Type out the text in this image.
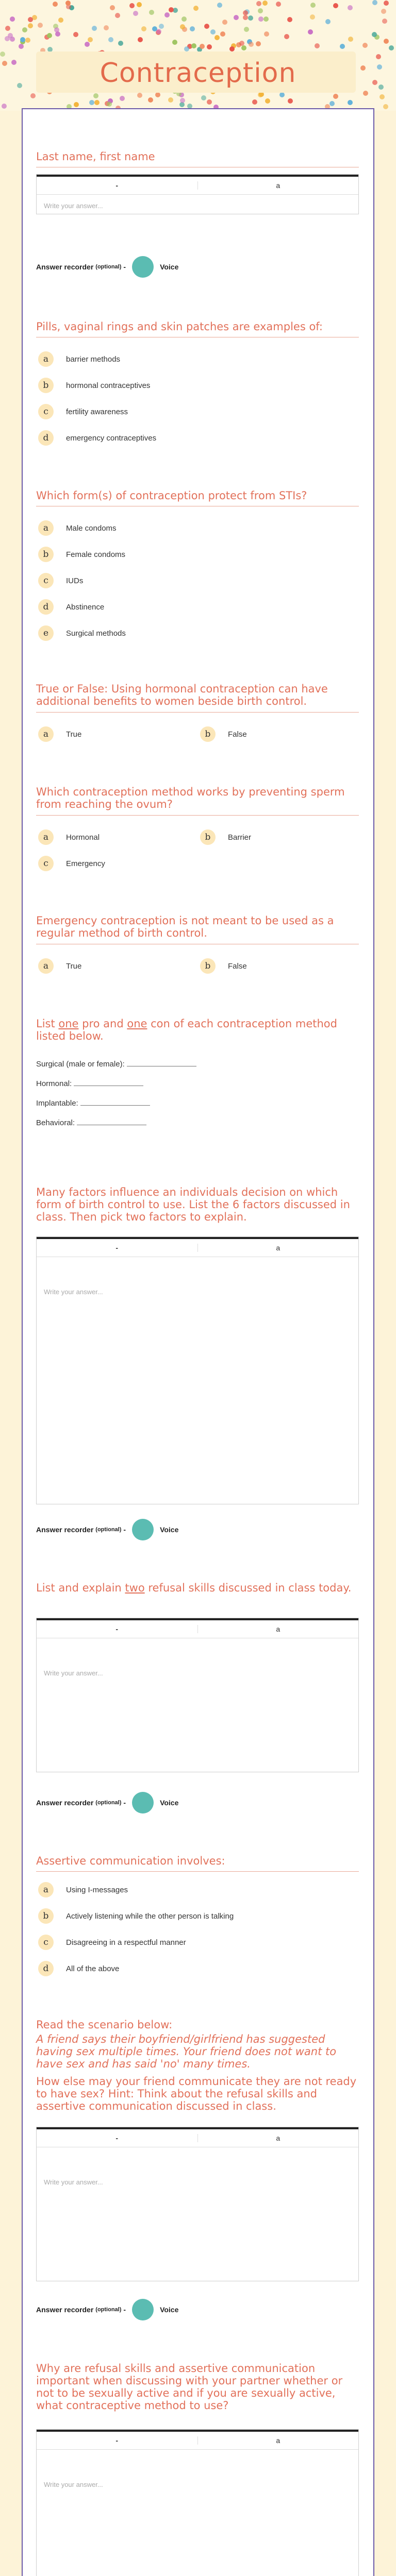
Contraception
Last name, first name
-	a
Write your answer...
Answer recorder (optional) -	Voice
Pills, vaginal rings and skin patches are examples of:
a	barrier methods
b	hormonal contraceptives
c	fertility awareness
d	emergency contraceptives
Which form(s) of contraception protect from STIs?
a	Male condoms
b	Female condoms
c	IUDs
d	Abstinence
e	Surgical methods
True or False: Using hormonal contraception can have additional benefits to women beside birth control.
a	True	b	False
Which contraception method works by preventing sperm from reaching the ovum?
a	Hormonal	b	Barrier
c	Emergency
Emergency contraception is not meant to be used as a regular method of birth control.
a	True	b	False
List one pro and one con of each contraception method listed below.
Surgical (male or female):
Hormonal:
Implantable:
Behavioral:
Many factors influence an individuals decision on which form of birth control to use. List the 6 factors discussed in class. Then pick two factors to explain.
-	a
Write your answer...
Answer recorder (optional) -	Voice
List and explain two refusal skills discussed in class today.
-	a
Write your answer...
Answer recorder (optional) -	Voice
Assertive communication involves:
a	Using I-messages
b	Actively listening while the other person is talking
c	Disagreeing in a respectful manner
d	All of the above
Read the scenario below:
A friend says their boyfriend/girlfriend has suggested having sex multiple times. Your friend does not want to have sex and has said 'no' many times.
How else may your friend communicate they are not ready to have sex? Hint: Think about the refusal skills and assertive communication discussed in class.
-	a
Write your answer...
Answer recorder (optional) -	Voice
Why are refusal skills and assertive communication important when discussing with your partner whether or not to be sexually active and if you are sexually active, what contraceptive method to use?
-	a
Write your answer...
